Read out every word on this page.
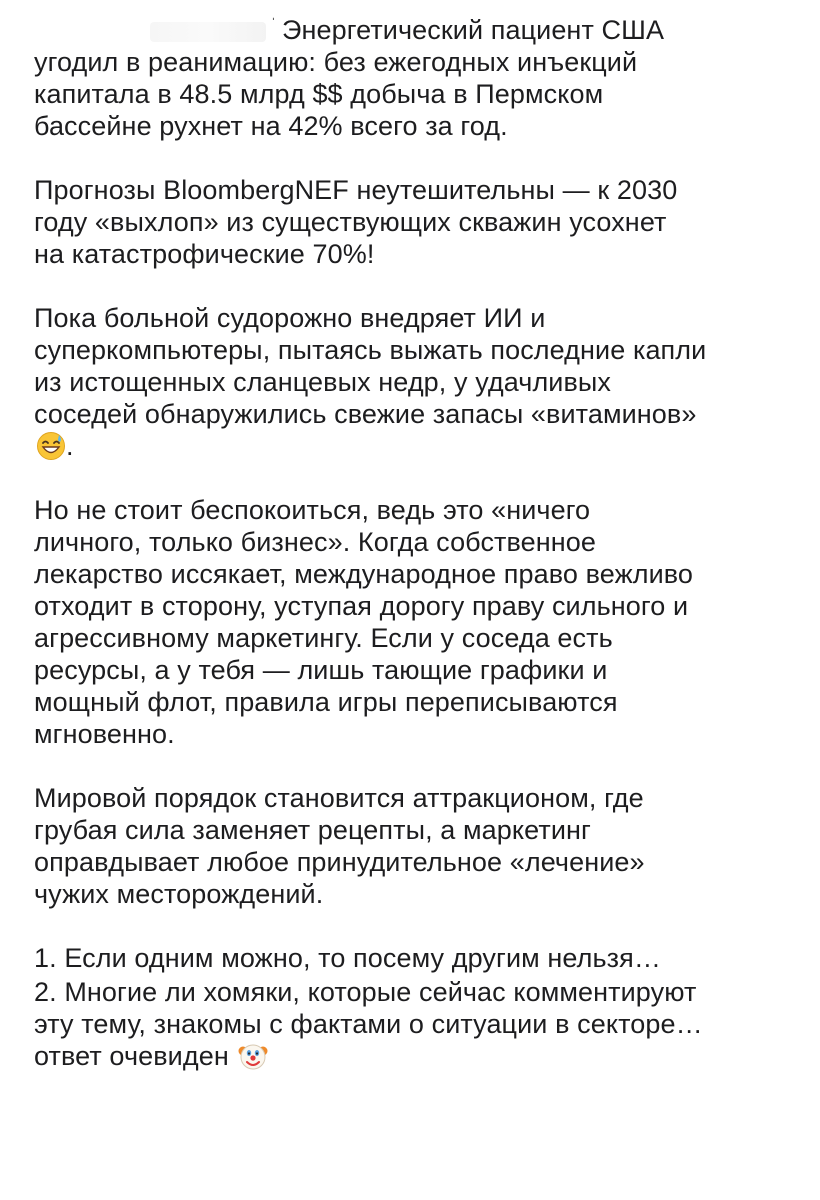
ˈ Энергетический пациент США
угодил в реанимацию: без ежегодных инъекций
капитала в 48.5 млрд $$ добыча в Пермском
бассейне рухнет на 42% всего за год.

Прогнозы BloombergNEF неутешительны — к 2030
году «выхлоп» из существующих скважин усохнет
на катастрофические 70%!

Пока больной судорожно внедряет ИИ и
суперкомпьютеры, пытаясь выжать последние капли
из истощенных сланцевых недр, у удачливых
соседей обнаружились свежие запасы «витаминов»
.

Но не стоит беспокоиться, ведь это «ничего
личного, только бизнес». Когда собственное
лекарство иссякает, международное право вежливо
отходит в сторону, уступая дорогу праву сильного и
агрессивному маркетингу. Если у соседа есть
ресурсы, а у тебя — лишь тающие графики и
мощный флот, правила игры переписываются
мгновенно.

Мировой порядок становится аттракционом, где
грубая сила заменяет рецепты, а маркетинг
оправдывает любое принудительное «лечение»
чужих месторождений.

1. Если одним можно, то посему другим нельзя…

2. Многие ли хомяки, которые сейчас комментируют
эту тему, знакомы с фактами о ситуации в секторе…
ответ очевиден
